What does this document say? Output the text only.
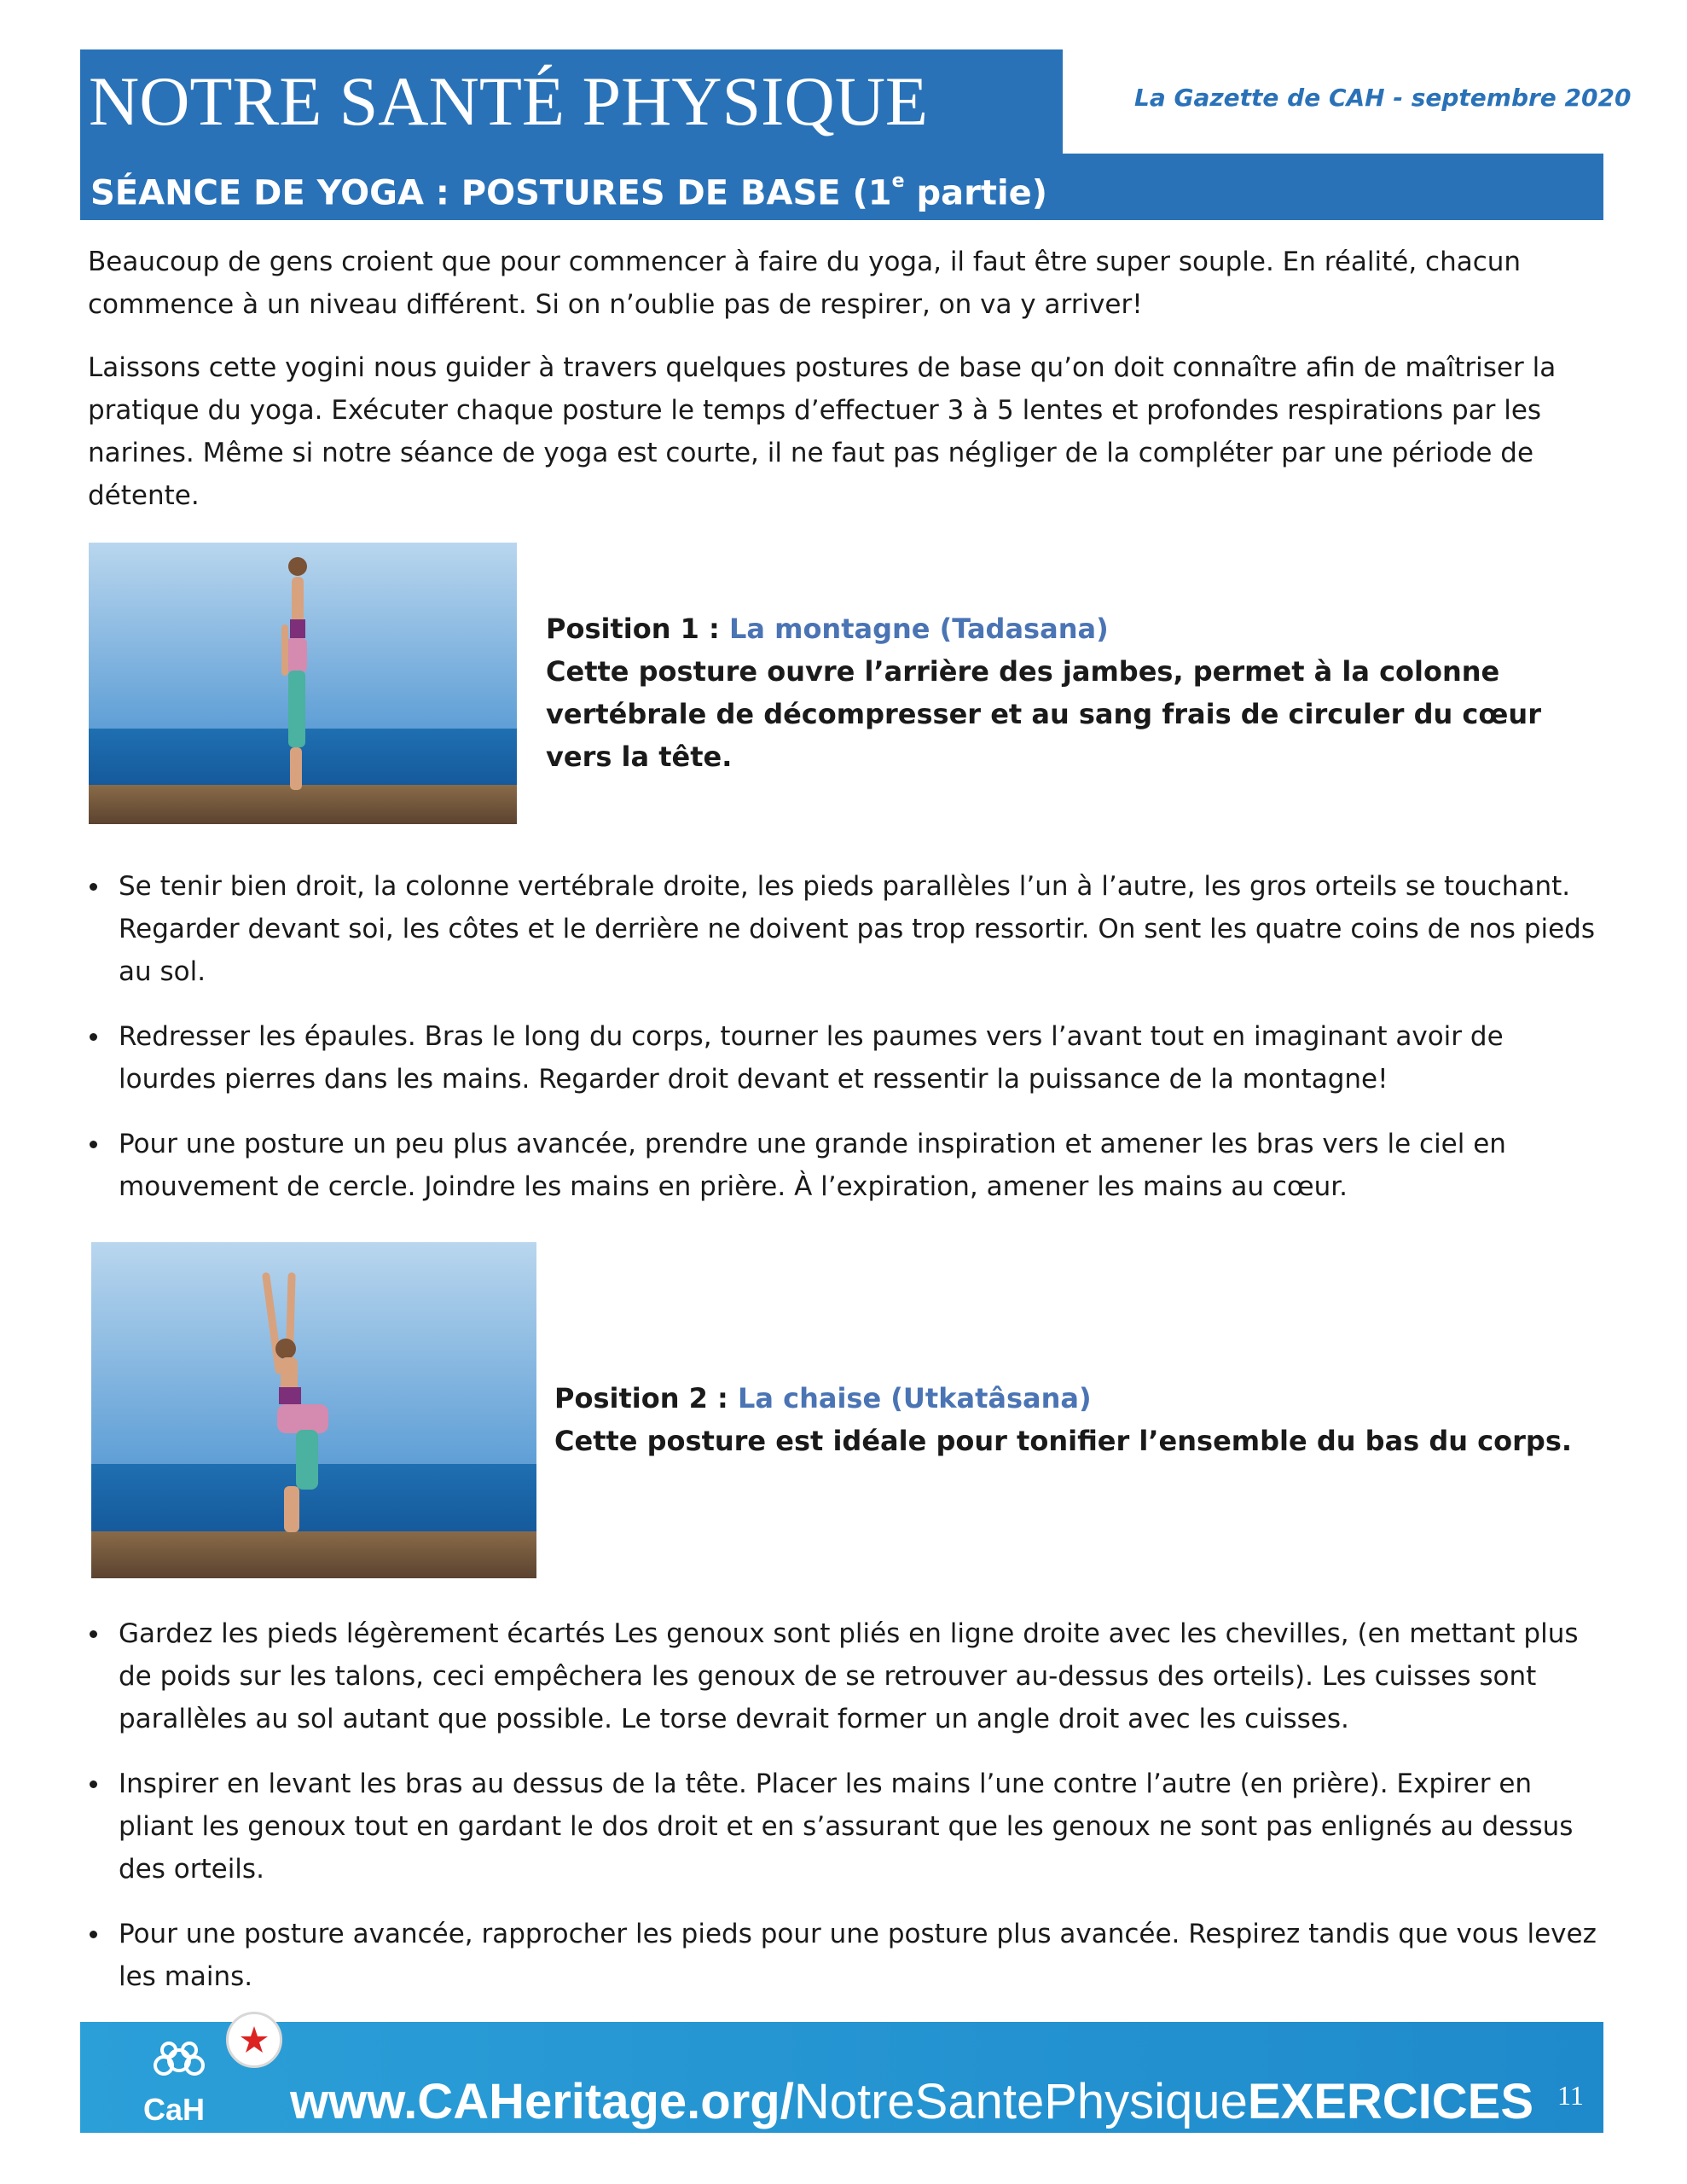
NOTRE SANTÉ PHYSIQUE	La Gazette de CAH - septembre 2020
SÉANCE DE YOGA : POSTURES DE BASE (1e partie)

Beaucoup de gens croient que pour commencer à faire du yoga, il faut être super souple. En réalité, chacun commence à un niveau différent. Si on n’oublie pas de respirer, on va y arriver!

Laissons cette yogini nous guider à travers quelques postures de base qu’on doit connaître afin de maîtriser la pratique du yoga. Exécuter chaque posture le temps d’effectuer 3 à 5 lentes et profondes respirations par les narines. Même si notre séance de yoga est courte, il ne faut pas négliger de la compléter par une période de détente.

Position 1 : La montagne (Tadasana)

Cette posture ouvre l’arrière des jambes, permet à la colonne vertébrale de décompresser et au sang frais de circuler du cœur vers la tête.

Se tenir bien droit, la colonne vertébrale droite, les pieds parallèles l’un à l’autre, les gros orteils se touchant. Regarder devant soi, les côtes et le derrière ne doivent pas trop ressortir. On sent les quatre coins de nos pieds au sol.
Redresser les épaules. Bras le long du corps, tourner les paumes vers l’avant tout en imaginant avoir de lourdes pierres dans les mains. Regarder droit devant et ressentir la puissance de la montagne!
Pour une posture un peu plus avancée, prendre une grande inspiration et amener les bras vers le ciel en mouvement de cercle. Joindre les mains en prière. À l’expiration, amener les mains au cœur.
Position 2 : La chaise (Utkatâsana)

Cette posture est idéale pour tonifier l’ensemble du bas du corps.

Gardez les pieds légèrement écartés Les genoux sont pliés en ligne droite avec les chevilles, (en mettant plus de poids sur les talons, ceci empêchera les genoux de se retrouver au-dessus des orteils). Les cuisses sont parallèles au sol autant que possible. Le torse devrait former un angle droit avec les cuisses.
Inspirer en levant les bras au dessus de la tête. Placer les mains l’une contre l’autre (en prière). Expirer en pliant les genoux tout en gardant le dos droit et en s’assurant que les genoux ne sont pas enlignés au dessus des orteils.
Pour une posture avancée, rapprocher les pieds pour une posture plus avancée. Respirez tandis que vous levez les mains.
CaH www.CAHeritage.org/NotreSantePhysiqueEXERCICES 11
